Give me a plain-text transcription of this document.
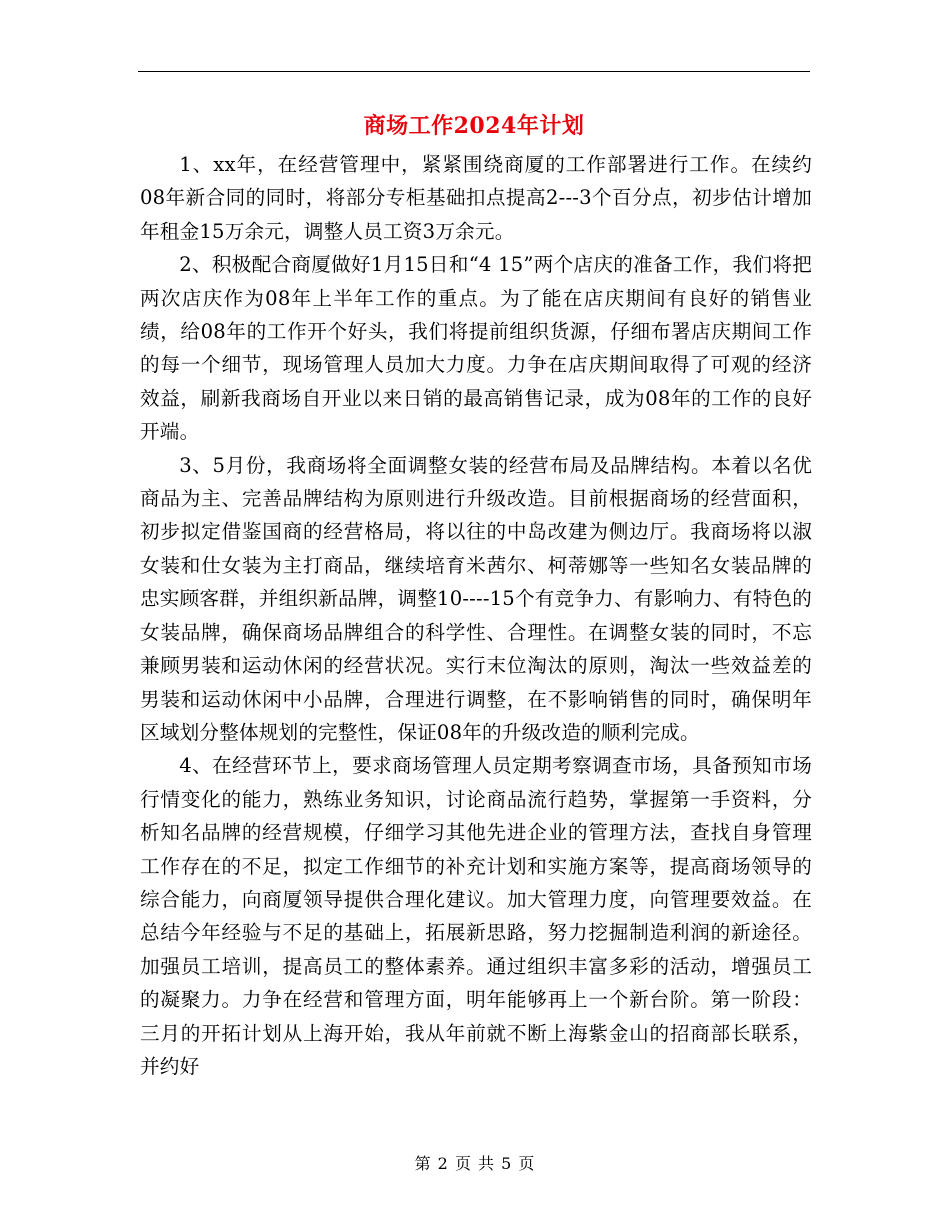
商场工作2024年计划

1、xx年，在经营管理中，紧紧围绕商厦的工作部署进行工作。在续约08年新合同的同时，将部分专柜基础扣点提高2---3个百分点，初步估计增加年租金15万余元，调整人员工资3万余元。

2、积极配合商厦做好1月15日和“4 15”两个店庆的准备工作，我们将把两次店庆作为08年上半年工作的重点。为了能在店庆期间有良好的销售业绩，给08年的工作开个好头，我们将提前组织货源，仔细布署店庆期间工作的每一个细节，现场管理人员加大力度。力争在店庆期间取得了可观的经济效益，刷新我商场自开业以来日销的最高销售记录，成为08年的工作的良好开端。

3、5月份，我商场将全面调整女装的经营布局及品牌结构。本着以名优商品为主、完善品牌结构为原则进行升级改造。目前根据商场的经营面积，初步拟定借鉴国商的经营格局，将以往的中岛改建为侧边厅。我商场将以淑女装和仕女装为主打商品，继续培育米茜尔、柯蒂娜等一些知名女装品牌的忠实顾客群，并组织新品牌，调整10----15个有竞争力、有影响力、有特色的女装品牌，确保商场品牌组合的科学性、合理性。在调整女装的同时，不忘兼顾男装和运动休闲的经营状况。实行末位淘汰的原则，淘汰一些效益差的男装和运动休闲中小品牌，合理进行调整，在不影响销售的同时，确保明年区域划分整体规划的完整性，保证08年的升级改造的顺利完成。

4、在经营环节上，要求商场管理人员定期考察调查市场，具备预知市场行情变化的能力，熟练业务知识，讨论商品流行趋势，掌握第一手资料，分析知名品牌的经营规模，仔细学习其他先进企业的管理方法，查找自身管理工作存在的不足，拟定工作细节的补充计划和实施方案等，提高商场领导的综合能力，向商厦领导提供合理化建议。加大管理力度，向管理要效益。在总结今年经验与不足的基础上，拓展新思路，努力挖掘制造利润的新途径。加强员工培训，提高员工的整体素养。通过组织丰富多彩的活动，增强员工的凝聚力。力争在经营和管理方面，明年能够再上一个新台阶。第一阶段：三月的开拓计划从上海开始，我从年前就不断上海紫金山的招商部长联系，并约好

第 2 页 共 5 页
